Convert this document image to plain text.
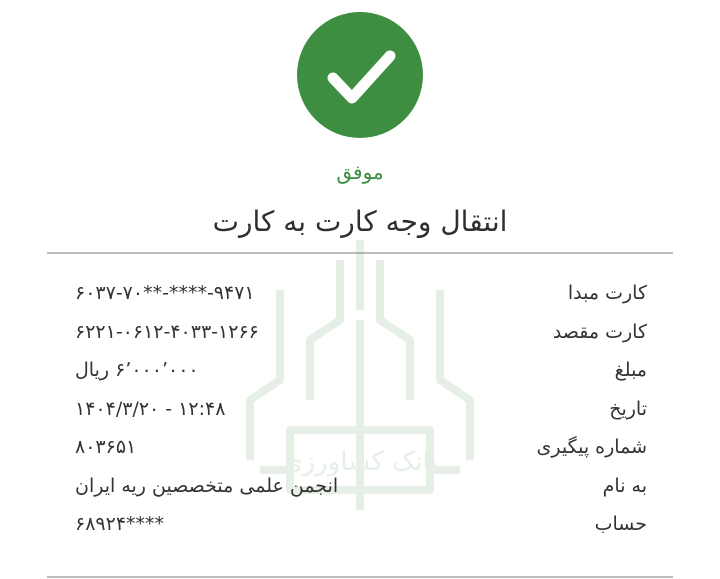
موفق
انتقال وجه کارت به کارت
بانک کشاورزی
کارت مبدا
۶۰۳۷-۷۰**-****-۹۴۷۱
کارت مقصد
۶۲۲۱-۰۶۱۲-۴۰۳۳-۱۲۶۶
مبلغ
۶٬۰۰۰٬۰۰۰ ریال
تاریخ
۱۴۰۴/۳/۲۰ - ۱۲:۴۸
شماره پیگیری
۸۰۳۶۵۱
به نام
انجمن علمی متخصصین ریه ایران
حساب
۶۸۹۲۴****
